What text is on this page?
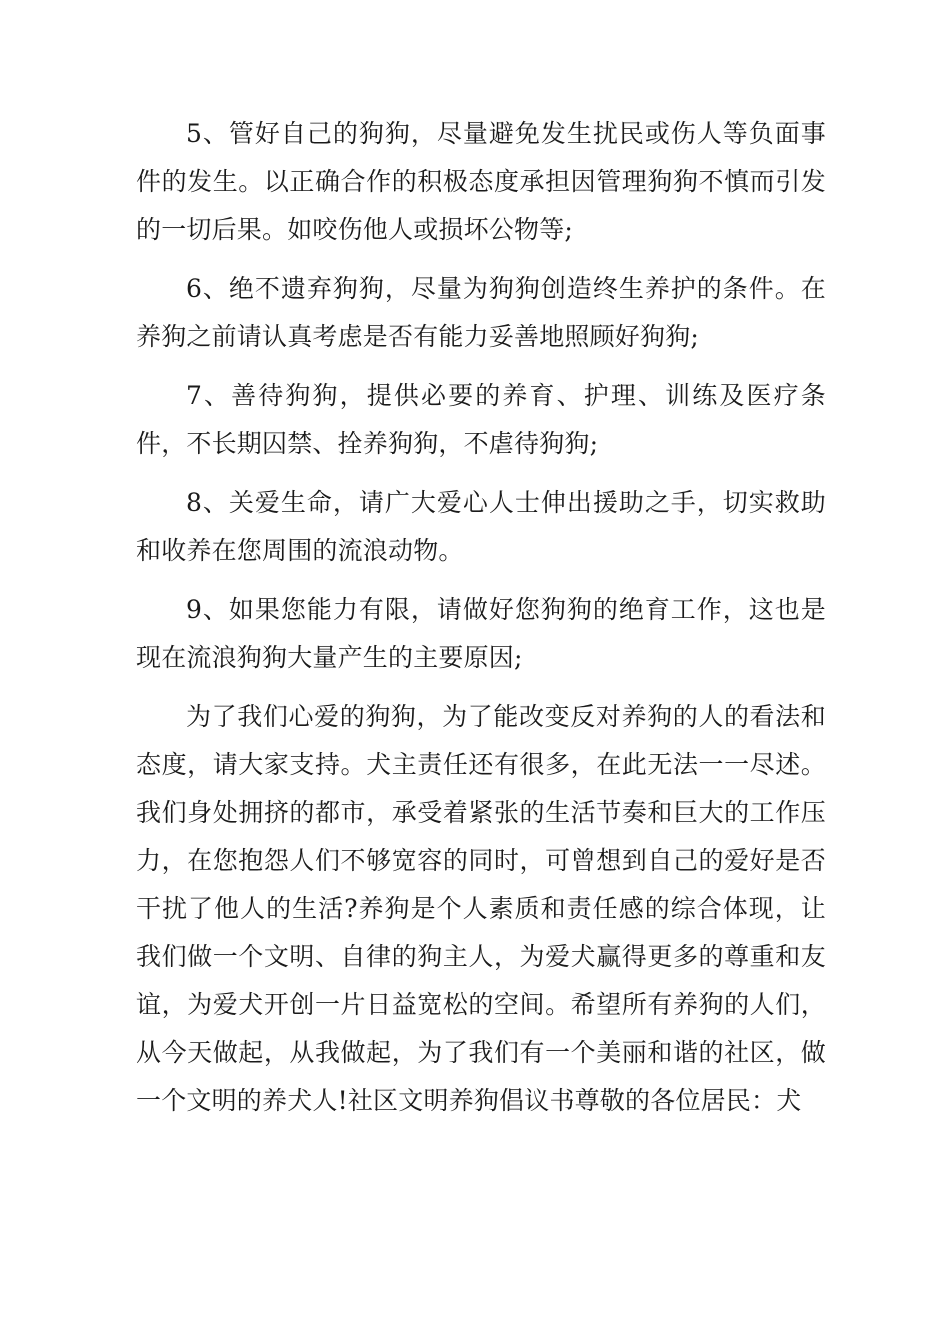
5、管好自己的狗狗，尽量避免发生扰民或伤人等负面事件的发生。以正确合作的积极态度承担因管理狗狗不慎而引发的一切后果。如咬伤他人或损坏公物等;

6、绝不遗弃狗狗，尽量为狗狗创造终生养护的条件。在养狗之前请认真考虑是否有能力妥善地照顾好狗狗;

7、善待狗狗，提供必要的养育、护理、训练及医疗条件，不长期囚禁、拴养狗狗，不虐待狗狗;

8、关爱生命，请广大爱心人士伸出援助之手，切实救助和收养在您周围的流浪动物。

9、如果您能力有限，请做好您狗狗的绝育工作，这也是现在流浪狗狗大量产生的主要原因;

为了我们心爱的狗狗，为了能改变反对养狗的人的看法和态度，请大家支持。犬主责任还有很多，在此无法一一尽述。我们身处拥挤的都市，承受着紧张的生活节奏和巨大的工作压力，在您抱怨人们不够宽容的同时，可曾想到自己的爱好是否干扰了他人的生活?养狗是个人素质和责任感的综合体现，让我们做一个文明、自律的狗主人，为爱犬赢得更多的尊重和友谊，为爱犬开创一片日益宽松的空间。希望所有养狗的人们，从今天做起，从我做起，为了我们有一个美丽和谐的社区，做一个文明的养犬人!社区文明养狗倡议书尊敬的各位居民：犬
